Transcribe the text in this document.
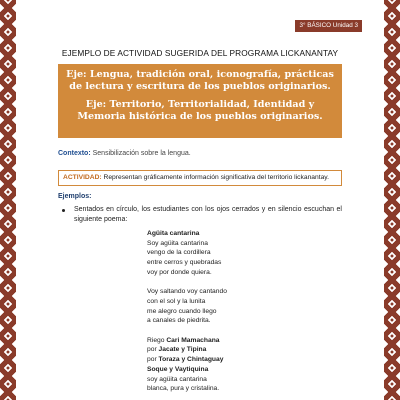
3° BÁSICO Unidad 3
EJEMPLO DE ACTIVIDAD SUGERIDA DEL PROGRAMA LICKANANTAY

Eje: Lengua, tradición oral, iconografía, prácticas de lectura y escritura de los pueblos originarios.

Eje: Territorio, Territorialidad, Identidad y Memoria histórica de los pueblos originarios.

Contexto: Sensibilización sobre la lengua.
ACTIVIDAD: Representan gráficamente información significativa del territorio lickanantay.
Ejemplos:
Sentados en círculo, los estudiantes con los ojos cerrados y en silencio escuchan el siguiente poema:
Agüita cantarina
Soy agüita cantarina
vengo de la cordillera
entre cerros y quebradas
voy por donde quiera.
Voy saltando voy cantando
con el sol y la lunita
me alegro cuando llego
a canales de piedrita.
Riego Cari Mamachana
por Jacate y Tipina
por Toraza y Chintaguay
Soque y Vaytiquina
soy agüita cantarina
blanca, pura y cristalina.
